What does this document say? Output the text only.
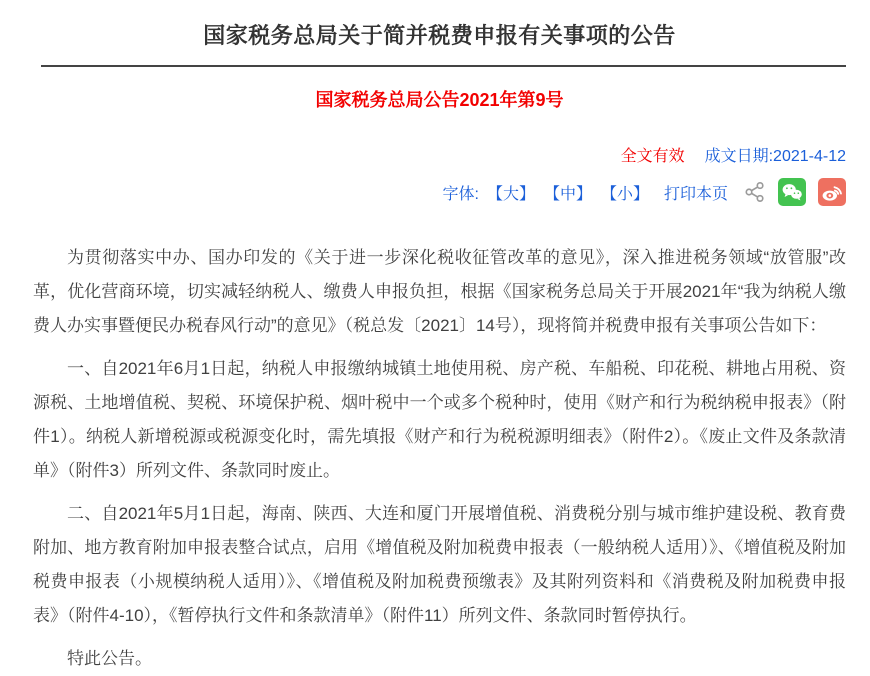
国家税务总局关于简并税费申报有关事项的公告
国家税务总局公告2021年第9号
全文有效 成文日期:2021-4-12
字体: 【大】 【中】 【小】 打印本页

为贯彻落实中办、国办印发的《关于进一步深化税收征管改革的意见》，深入推进税务领域“放管服”改革，优化营商环境，切实减轻纳税人、缴费人申报负担，根据《国家税务总局关于开展2021年“我为纳税人缴费人办实事暨便民办税春风行动”的意见》（税总发〔2021〕14号），现将简并税费申报有关事项公告如下：

一、自2021年6月1日起，纳税人申报缴纳城镇土地使用税、房产税、车船税、印花税、耕地占用税、资源税、土地增值税、契税、环境保护税、烟叶税中一个或多个税种时，使用《财产和行为税纳税申报表》（附件1）。纳税人新增税源或税源变化时，需先填报《财产和行为税税源明细表》（附件2）。《废止文件及条款清单》（附件3）所列文件、条款同时废止。

二、自2021年5月1日起，海南、陕西、大连和厦门开展增值税、消费税分别与城市维护建设税、教育费附加、地方教育附加申报表整合试点，启用《增值税及附加税费申报表（一般纳税人适用）》、《增值税及附加税费申报表（小规模纳税人适用）》、《增值税及附加税费预缴表》及其附列资料和《消费税及附加税费申报表》（附件4-10），《暂停执行文件和条款清单》（附件11）所列文件、条款同时暂停执行。

特此公告。
